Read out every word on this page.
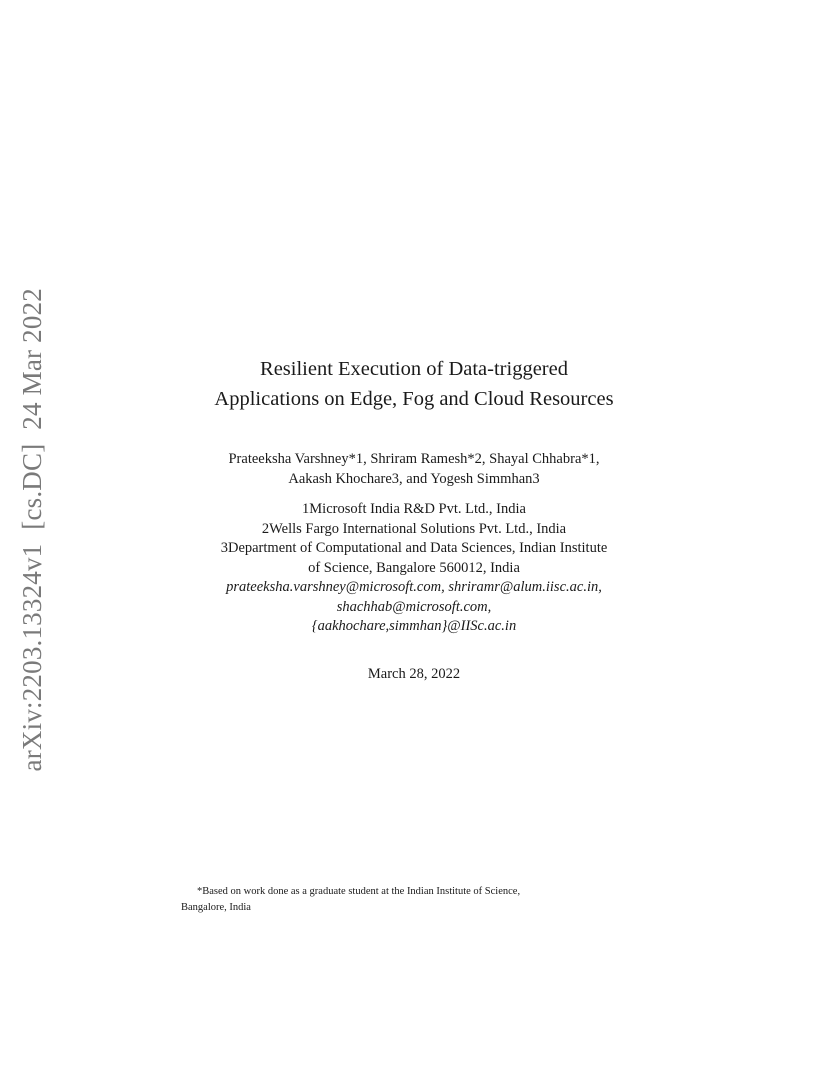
arXiv:2203.13324v1  [cs.DC]  24 Mar 2022	Resilient Execution of Data-triggered
Applications on Edge, Fog and Cloud Resources
Prateeksha Varshney*1, Shriram Ramesh*2, Shayal Chhabra*1,
Aakash Khochare3, and Yogesh Simmhan3
1Microsoft India R&D Pvt. Ltd., India
2Wells Fargo International Solutions Pvt. Ltd., India
3Department of Computational and Data Sciences, Indian Institute
of Science, Bangalore 560012, India
prateeksha.varshney@microsoft.com, shriramr@alum.iisc.ac.in,
shachhab@microsoft.com,
{aakhochare,simmhan}@IISc.ac.in
March 28, 2022
*Based on work done as a graduate student at the Indian Institute of Science,
Bangalore, India
